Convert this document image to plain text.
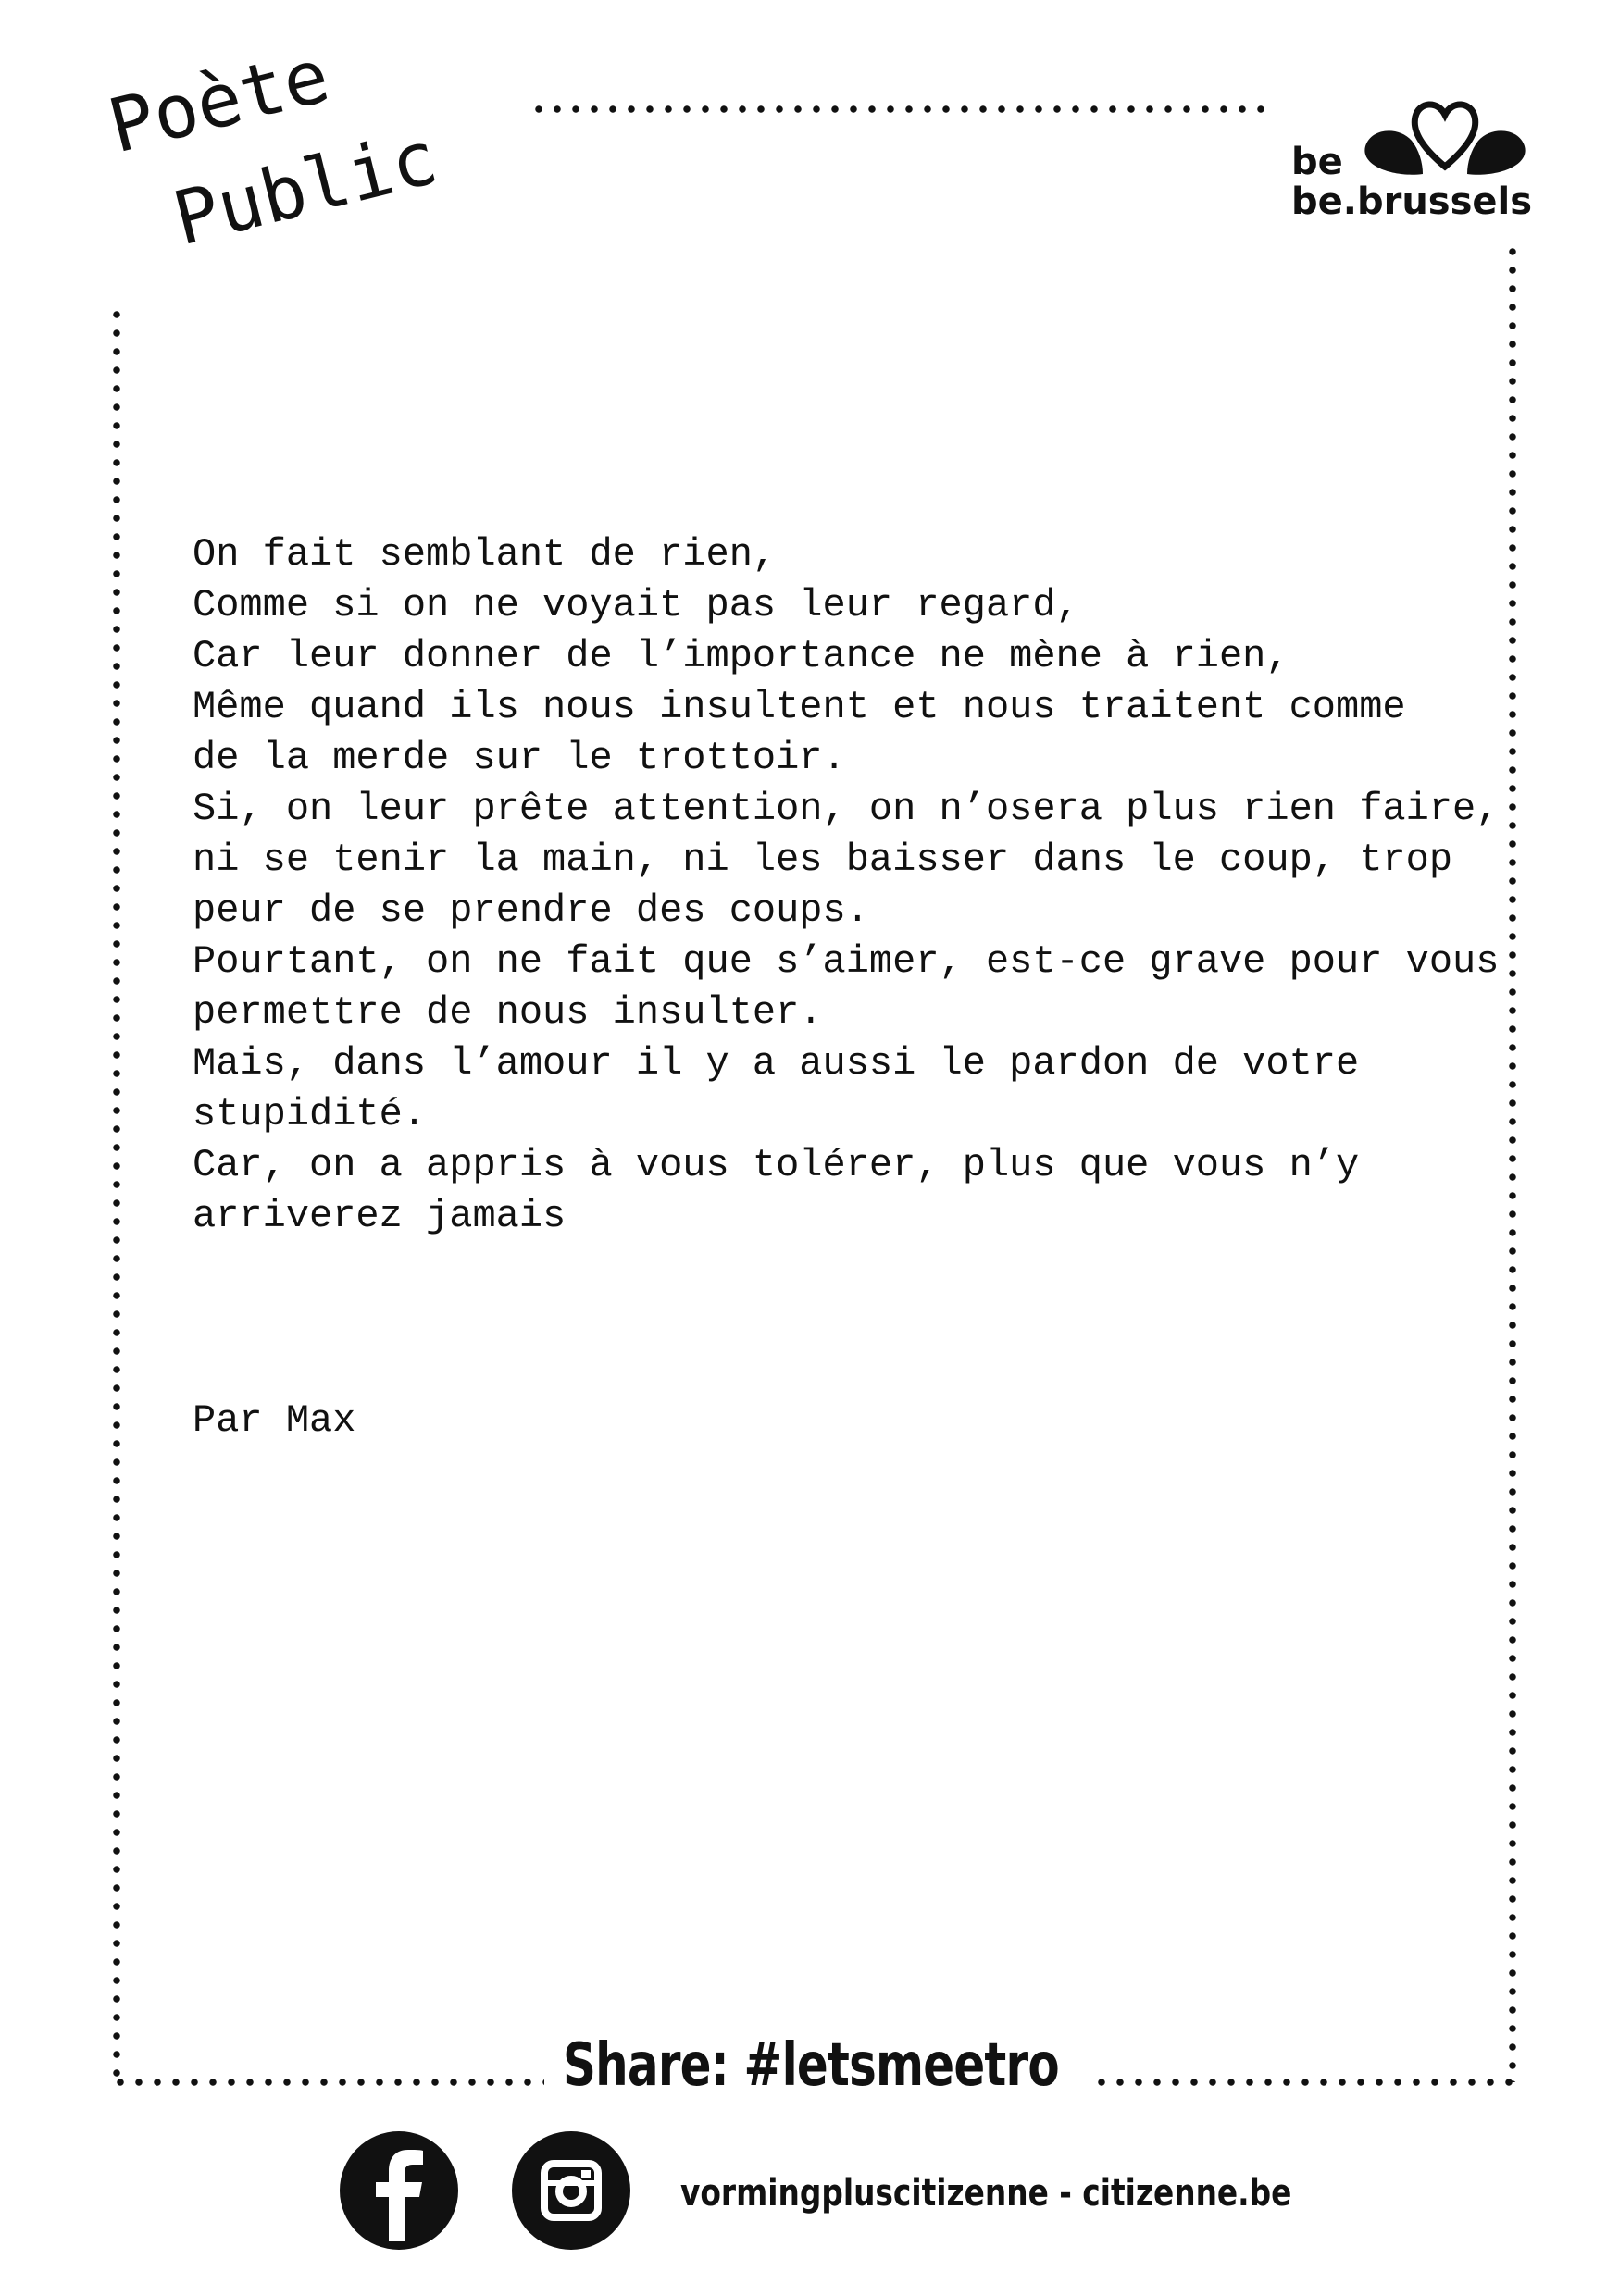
Poète
Public	be
be.brussels
On fait semblant de rien,
Comme si on ne voyait pas leur regard,
Car leur donner de l’importance ne mène à rien,
Même quand ils nous insultent et nous traitent comme
de la merde sur le trottoir.
Si, on leur prête attention, on n’osera plus rien faire,
ni se tenir la main, ni les baisser dans le coup, trop
peur de se prendre des coups.
Pourtant, on ne fait que s’aimer, est-ce grave pour vous
permettre de nous insulter.
Mais, dans l’amour il y a aussi le pardon de votre
stupidité.
Car, on a appris à vous tolérer, plus que vous n’y
arriverez jamais
Par Max
Share: #letsmeetro
vormingpluscitizenne - citizenne.be
